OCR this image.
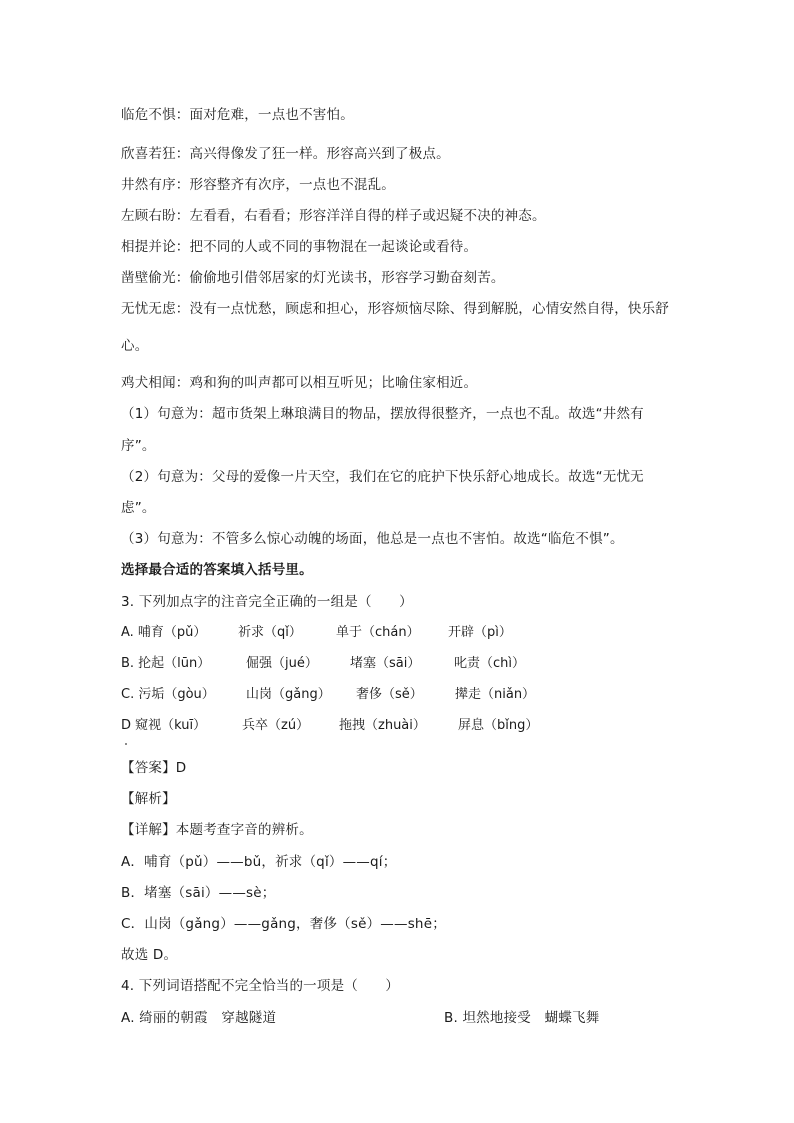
临危不惧：面对危难，一点也不害怕。
欣喜若狂：高兴得像发了狂一样。形容高兴到了极点。
井然有序：形容整齐有次序，一点也不混乱。
左顾右盼：左看看，右看看；形容洋洋自得的样子或迟疑不决的神态。
相提并论：把不同的人或不同的事物混在一起谈论或看待。
凿壁偷光：偷偷地引借邻居家的灯光读书，形容学习勤奋刻苦。
无忧无虑：没有一点忧愁，顾虑和担心，形容烦恼尽除、得到解脱，心情安然自得，快乐舒
心。
鸡犬相闻：鸡和狗的叫声都可以相互听见；比喻住家相近。
（1）句意为：超市货架上琳琅满目的物品，摆放得很整齐，一点也不乱。故选“井然有
序”。
（2）句意为：父母的爱像一片天空，我们在它的庇护下快乐舒心地成长。故选“无忧无
虑”。
（3）句意为：不管多么惊心动魄的场面，他总是一点也不害怕。故选“临危不惧”。
选择最合适的答案填入括号里。
3. 下列加点字的注音完全正确的一组是（　　）
A. 哺育（pǔ） 祈求（qǐ）	单于（chán） 开辟（pì）
B. 抡起（lūn）	倔强（jué） 堵塞（sāi）	叱责（chì）
C. 污垢（gòu） 山岗（gǎng） 奢侈（sě） 撵走（niǎn）
D 窥视（kuī）	兵卒（zú） 拖拽（zhuài） 屏息（bǐng）
【答案】D
【解析】
【详解】本题考查字音的辨析。
A．哺育（pǔ）——bǔ，祈求（qǐ）——qí；
B．堵塞（sāi）——sè；
C．山岗（gǎng）——gǎng，奢侈（sě）——shē；
故选 D。
4. 下列词语搭配不完全恰当的一项是（　　）
A. 绮丽的朝霞　穿越隧道	B. 坦然地接受　蝴蝶飞舞
